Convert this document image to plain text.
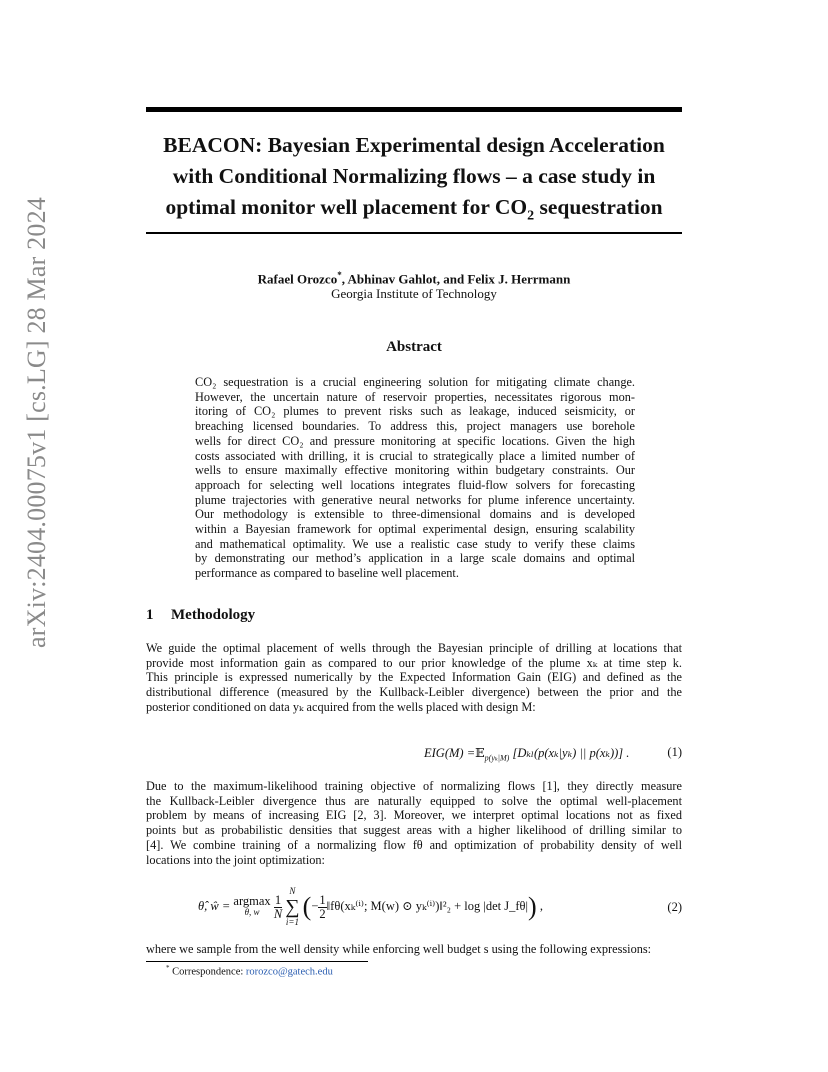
arXiv:2404.00075v1 [cs.LG] 28 Mar 2024
BEACON: Bayesian Experimental design Acceleration
with Conditional Normalizing flows – a case study in
optimal monitor well placement for $CO_2$ sequestration
Rafael Orozco*, Abhinav Gahlot, and Felix J. Herrmann
Georgia Institute of Technology
Abstract
CO₂ sequestration is a crucial engineering solution for mitigating climate change.
However, the uncertain nature of reservoir properties, necessitates rigorous mon-
itoring of CO₂ plumes to prevent risks such as leakage, induced seismicity, or
breaching licensed boundaries. To address this, project managers use borehole
wells for direct CO₂ and pressure monitoring at specific locations. Given the high
costs associated with drilling, it is crucial to strategically place a limited number of
wells to ensure maximally effective monitoring within budgetary constraints. Our
approach for selecting well locations integrates fluid-flow solvers for forecasting
plume trajectories with generative neural networks for plume inference uncertainty.
Our methodology is extensible to three-dimensional domains and is developed
within a Bayesian framework for optimal experimental design, ensuring scalability
and mathematical optimality. We use a realistic case study to verify these claims
by demonstrating our method’s application in a large scale domains and optimal
performance as compared to baseline well placement.
1 Methodology
We guide the optimal placement of wells through the Bayesian principle of drilling at locations that
provide most information gain as compared to our prior knowledge of the plume xₖ at time step k.
This principle is expressed numerically by the Expected Information Gain (EIG) and defined as the
distributional difference (measured by the Kullback-Leibler divergence) between the prior and the
posterior conditioned on data yₖ acquired from the wells placed with design M:
EIG(M) =𝔼$_{p(y_k|M)}$ [Dₖₗ(p(xₖ|yₖ) || p(xₖ))] .	(1)
Due to the maximum-likelihood training objective of normalizing flows [1], they directly measure
the Kullback-Leibler divergence thus are naturally equipped to solve the optimal well-placement
problem by means of increasing EIG [2, 3]. Moreover, we interpret optimal locations not as fixed
points but as probabilistic densities that suggest areas with a higher likelihood of drilling similar to
[4]. We combine training of a normalizing flow fθ and optimization of probability density of well
locations into the joint optimization:
θ̂, ŵ = argmax
θ, w
	$\frac{1}{N}$

N
∑
i=1
(− $\frac{1}{2}$ ‖fθ(xₖ⁽ⁱ⁾; M(w) ⊙ yₖ⁽ⁱ⁾)‖²₂ + log |det J_fθ|) ,	(2)
where we sample from the well density while enforcing well budget s using the following expressions:
* Correspondence: rorozco@gatech.edu
